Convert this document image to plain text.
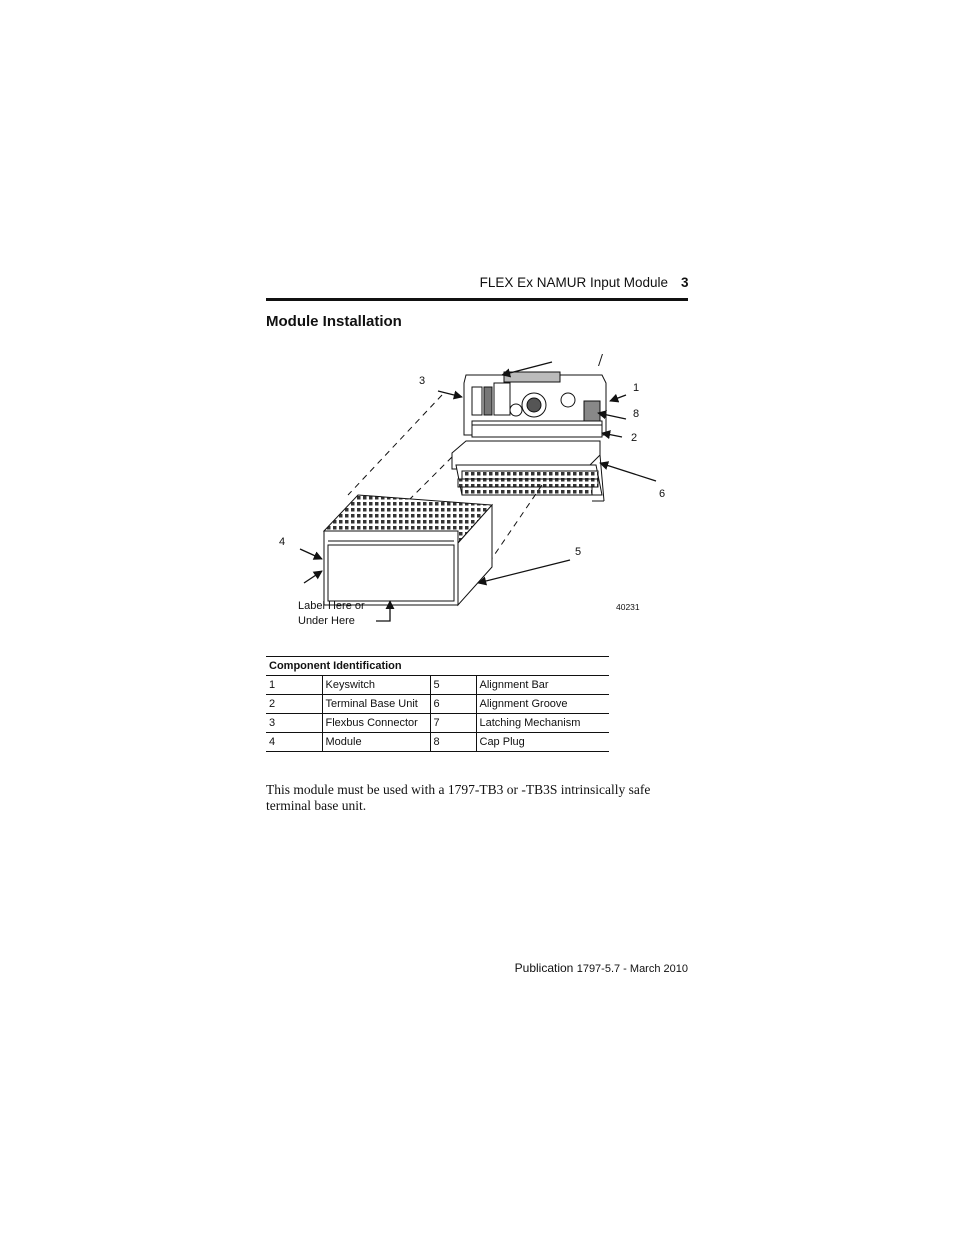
FLEX Ex NAMUR Input Module 3
Module Installation
3
1
8
2
6
4
5
Label Here or
Under Here
40231
Component Identification			
1	Keyswitch	5	Alignment Bar
2	Terminal Base Unit	6	Alignment Groove
3	Flexbus Connector	7	Latching Mechanism
4	Module	8	Cap Plug

This module must be used with a 1797-TB3 or -TB3S intrinsically safe terminal base unit.

Publication 1797-5.7 - March 2010
